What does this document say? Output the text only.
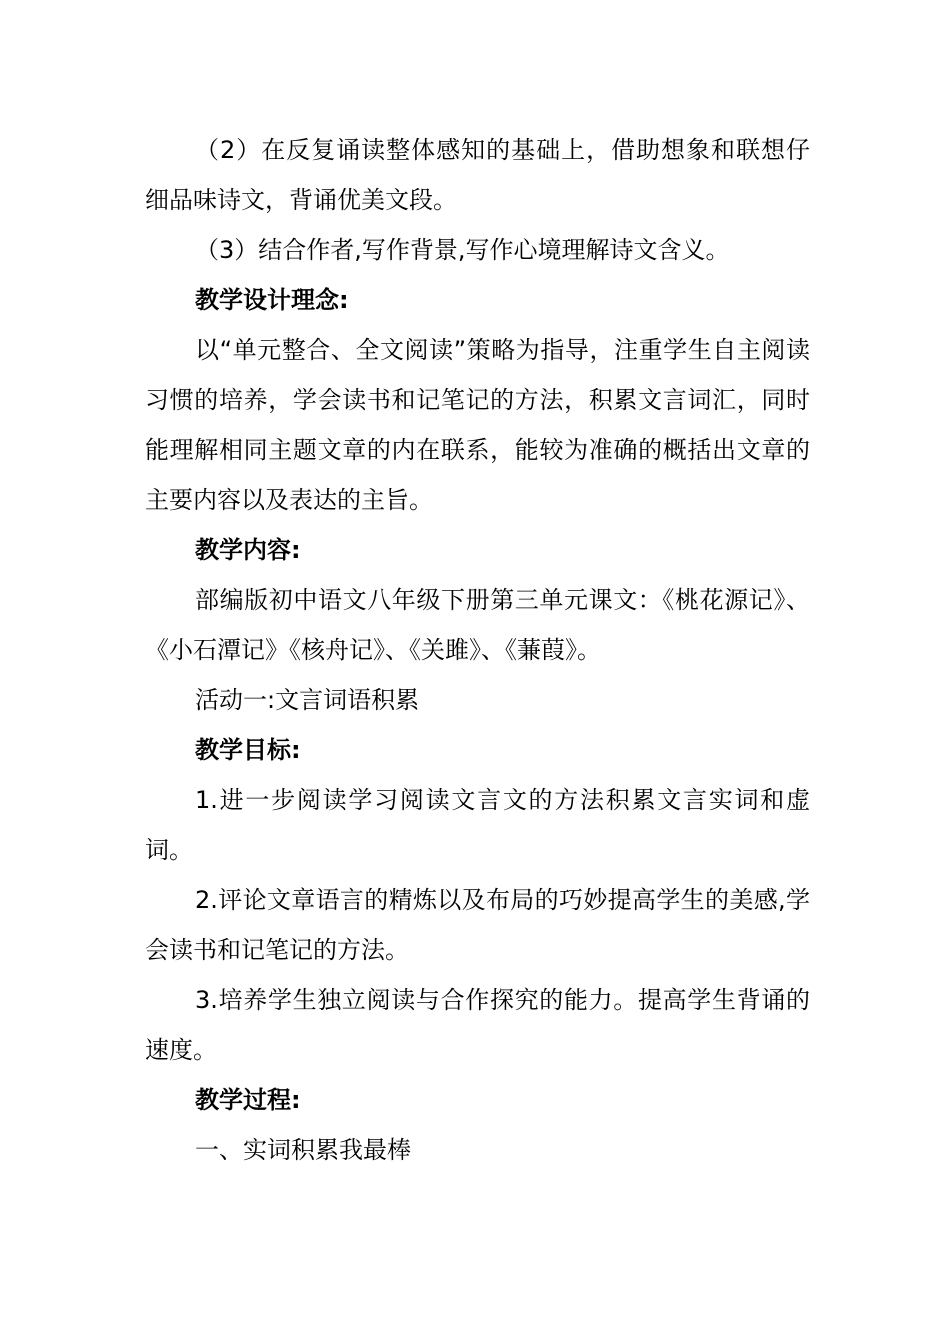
（2）在反复诵读整体感知的基础上，借助想象和联想仔细品味诗文，背诵优美文段。

（3）结合作者,写作背景,写作心境理解诗文含义。

教学设计理念:

以“单元整合、全文阅读”策略为指导，注重学生自主阅读习惯的培养，学会读书和记笔记的方法，积累文言词汇，同时能理解相同主题文章的内在联系，能较为准确的概括出文章的主要内容以及表达的主旨。

教学内容:

部编版初中语文八年级下册第三单元课文：《桃花源记》、《小石潭记》《核舟记》、《关雎》、《蒹葭》。

活动一:文言词语积累

教学目标:

1.进一步阅读学习阅读文言文的方法积累文言实词和虚词。

2.评论文章语言的精炼以及布局的巧妙提高学生的美感,学会读书和记笔记的方法。

3.培养学生独立阅读与合作探究的能力。提高学生背诵的速度。

教学过程:

一、实词积累我最棒
